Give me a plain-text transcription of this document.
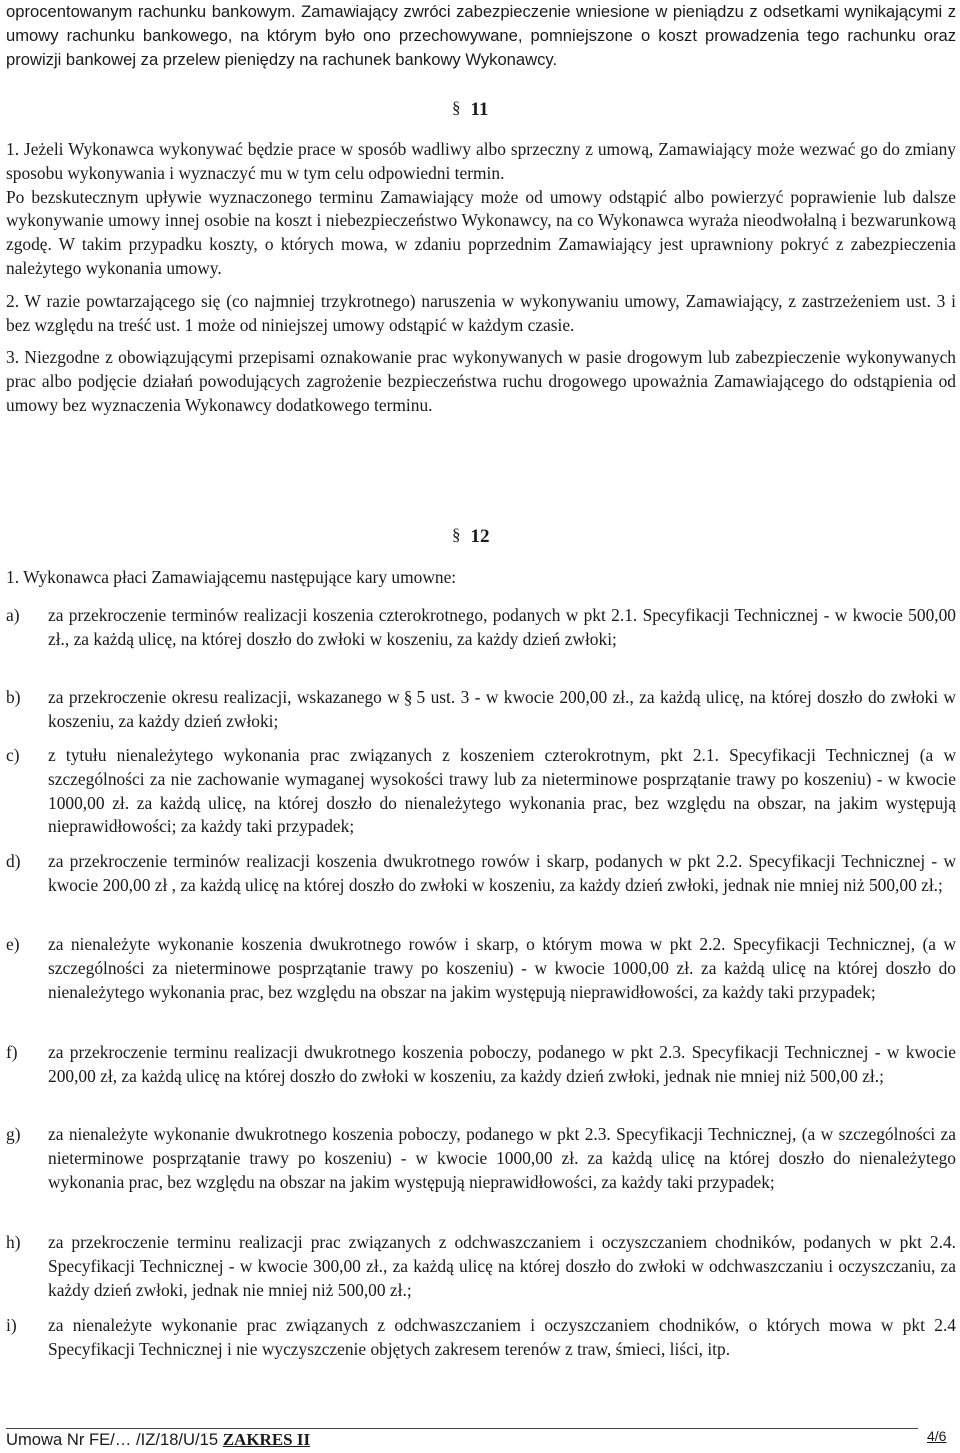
oprocentowanym rachunku bankowym. Zamawiający zwróci zabezpieczenie wniesione w pieniądzu z odsetkami wynikającymi z umowy rachunku bankowego, na którym było ono przechowywane, pomniejszone o koszt prowadzenia tego rachunku oraz prowizji bankowej za przelew pieniędzy na rachunek bankowy Wykonawcy.
§ 11
1. Jeżeli Wykonawca wykonywać będzie prace w sposób wadliwy albo sprzeczny z umową, Zamawiający może wezwać go do zmiany sposobu wykonywania i wyznaczyć mu w tym celu odpowiedni termin.
Po bezskutecznym upływie wyznaczonego terminu Zamawiający może od umowy odstąpić albo powierzyć poprawienie lub dalsze wykonywanie umowy innej osobie na koszt i niebezpieczeństwo Wykonawcy, na co Wykonawca wyraża nieodwołalną i bezwarunkową zgodę. W takim przypadku koszty, o których mowa, w zdaniu poprzednim Zamawiający jest uprawniony pokryć z zabezpieczenia należytego wykonania umowy.
2. W razie powtarzającego się (co najmniej trzykrotnego) naruszenia w wykonywaniu umowy, Zamawiający, z zastrzeżeniem ust. 3 i bez względu na treść ust. 1 może od niniejszej umowy odstąpić w każdym czasie.
3. Niezgodne z obowiązującymi przepisami oznakowanie prac wykonywanych w pasie drogowym lub zabezpieczenie wykonywanych prac albo podjęcie działań powodujących zagrożenie bezpieczeństwa ruchu drogowego upoważnia Zamawiającego do odstąpienia od umowy bez wyznaczenia Wykonawcy dodatkowego terminu.
§ 12
1. Wykonawca płaci Zamawiającemu następujące kary umowne:
a)	za przekroczenie terminów realizacji koszenia czterokrotnego, podanych w pkt 2.1. Specyfikacji Technicznej - w kwocie 500,00 zł., za każdą ulicę, na której doszło do zwłoki w koszeniu, za każdy dzień zwłoki;
b)	za przekroczenie okresu realizacji, wskazanego w § 5 ust. 3 - w kwocie 200,00 zł., za każdą ulicę, na której doszło do zwłoki w koszeniu, za każdy dzień zwłoki;
c)	z tytułu nienależytego wykonania prac związanych z koszeniem czterokrotnym, pkt 2.1. Specyfikacji Technicznej (a w szczególności za nie zachowanie wymaganej wysokości trawy lub za nieterminowe posprzątanie trawy po koszeniu) - w kwocie 1000,00 zł. za każdą ulicę, na której doszło do nienależytego wykonania prac, bez względu na obszar, na jakim występują nieprawidłowości; za każdy taki przypadek;
d)	za przekroczenie terminów realizacji koszenia dwukrotnego rowów i skarp, podanych w pkt 2.2. Specyfikacji Technicznej - w kwocie 200,00 zł , za każdą ulicę na której doszło do zwłoki w koszeniu, za każdy dzień zwłoki, jednak nie mniej niż 500,00 zł.;
e)	za nienależyte wykonanie koszenia dwukrotnego rowów i skarp, o którym mowa w pkt 2.2. Specyfikacji Technicznej, (a w szczególności za nieterminowe posprzątanie trawy po koszeniu) - w kwocie 1000,00 zł. za każdą ulicę na której doszło do nienależytego wykonania prac, bez względu na obszar na jakim występują nieprawidłowości, za każdy taki przypadek;
f)	za przekroczenie terminu realizacji dwukrotnego koszenia poboczy, podanego w pkt 2.3. Specyfikacji Technicznej - w kwocie 200,00 zł, za każdą ulicę na której doszło do zwłoki w koszeniu, za każdy dzień zwłoki, jednak nie mniej niż 500,00 zł.;
g)	za nienależyte wykonanie dwukrotnego koszenia poboczy, podanego w pkt 2.3. Specyfikacji Technicznej, (a w szczególności za nieterminowe posprzątanie trawy po koszeniu) - w kwocie 1000,00 zł. za każdą ulicę na której doszło do nienależytego wykonania prac, bez względu na obszar na jakim występują nieprawidłowości, za każdy taki przypadek;
h)	za przekroczenie terminu realizacji prac związanych z odchwaszczaniem i oczyszczaniem chodników, podanych w pkt 2.4. Specyfikacji Technicznej - w kwocie 300,00 zł., za każdą ulicę na której doszło do zwłoki w odchwaszczaniu i oczyszczaniu, za każdy dzień zwłoki, jednak nie mniej niż 500,00 zł.;
i)	za nienależyte wykonanie prac związanych z odchwaszczaniem i oczyszczaniem chodników, o których mowa w pkt 2.4 Specyfikacji Technicznej i nie wyczyszczenie objętych zakresem terenów z traw, śmieci, liści, itp.
Umowa Nr FE/… /IZ/18/U/15 ZAKRES II	4/6
